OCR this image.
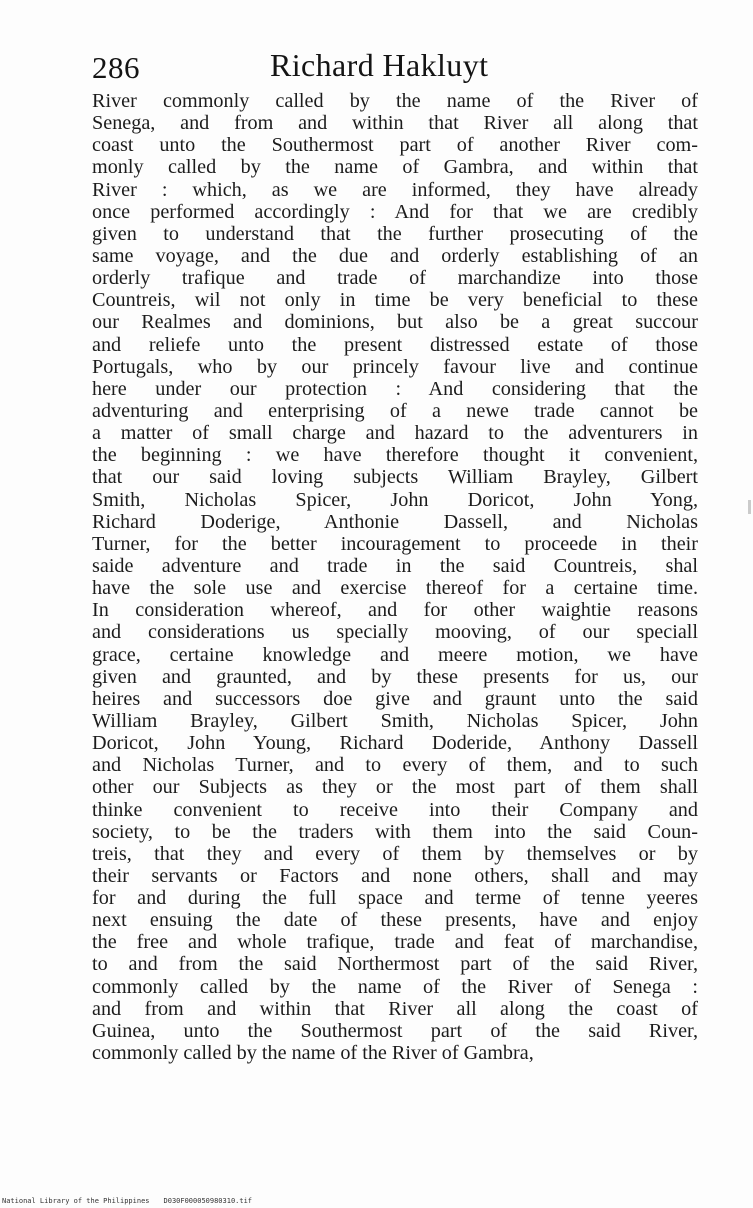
286	Richard Hakluyt
River commonly called by the name of the River of
Senega, and from and within that River all along that
coast unto the Southermost part of another River com-
monly called by the name of Gambra, and within that
River : which, as we are informed, they have already
once performed accordingly : And for that we are credibly
given to understand that the further prosecuting of the
same voyage, and the due and orderly establishing of an
orderly trafique and trade of marchandize into those
Countreis, wil not only in time be very beneficial to these
our Realmes and dominions, but also be a great succour
and reliefe unto the present distressed estate of those
Portugals, who by our princely favour live and continue
here under our protection : And considering that the
adventuring and enterprising of a newe trade cannot be
a matter of small charge and hazard to the adventurers in
the beginning : we have therefore thought it convenient,
that our said loving subjects William Brayley, Gilbert
Smith, Nicholas Spicer, John Doricot, John Yong,
Richard Doderige, Anthonie Dassell, and Nicholas
Turner, for the better incouragement to proceede in their
saide adventure and trade in the said Countreis, shal
have the sole use and exercise thereof for a certaine time.
In consideration whereof, and for other waightie reasons
and considerations us specially mooving, of our speciall
grace, certaine knowledge and meere motion, we have
given and graunted, and by these presents for us, our
heires and successors doe give and graunt unto the said
William Brayley, Gilbert Smith, Nicholas Spicer, John
Doricot, John Young, Richard Doderide, Anthony Dassell
and Nicholas Turner, and to every of them, and to such
other our Subjects as they or the most part of them shall
thinke convenient to receive into their Company and
society, to be the traders with them into the said Coun-
treis, that they and every of them by themselves or by
their servants or Factors and none others, shall and may
for and during the full space and terme of tenne yeeres
next ensuing the date of these presents, have and enjoy
the free and whole trafique, trade and feat of marchandise,
to and from the said Northermost part of the said River,
commonly called by the name of the River of Senega :
and from and within that River all along the coast of
Guinea, unto the Southermost part of the said River,
commonly called by the name of the River of Gambra,
National Library of the Philippines D030F000050980310.tif
